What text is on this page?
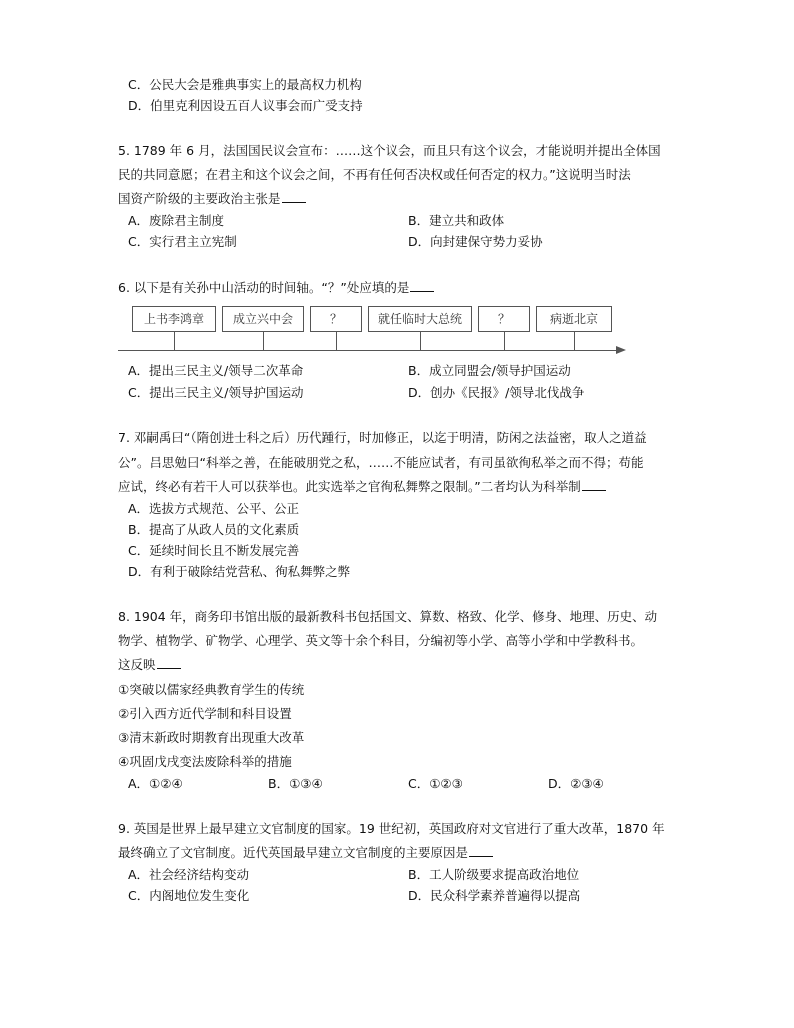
C．公民大会是雅典事实上的最高权力机构
D．伯里克利因设五百人议事会而广受支持
5. 1789 年 6 月，法国国民议会宣布：……这个议会，而且只有这个议会，才能说明并提出全体国
民的共同意愿；在君主和这个议会之间，不再有任何否决权或任何否定的权力。”这说明当时法
国资产阶级的主要政治主张是
A．废除君主制度	B．建立共和政体
C．实行君主立宪制	D．向封建保守势力妥协
6. 以下是有关孙中山活动的时间轴。“？”处应填的是
上书李鸿章	成立兴中会	？	就任临时大总统	？	病逝北京
A．提出三民主义/领导二次革命	B．成立同盟会/领导护国运动
C．提出三民主义/领导护国运动	D．创办《民报》/领导北伐战争
7. 邓嗣禹曰“（隋创进士科之后）历代踵行，时加修正，以迄于明清，防闲之法益密，取人之道益
公”。吕思勉曰“科举之善，在能破朋党之私，……不能应试者，有司虽欲徇私举之而不得；苟能
应试，终必有若干人可以获举也。此实选举之官徇私舞弊之限制。”二者均认为科举制
A．选拔方式规范、公平、公正
B．提高了从政人员的文化素质
C．延续时间长且不断发展完善
D．有利于破除结党营私、徇私舞弊之弊
8. 1904 年，商务印书馆出版的最新教科书包括国文、算数、格致、化学、修身、地理、历史、动
物学、植物学、矿物学、心理学、英文等十余个科目，分编初等小学、高等小学和中学教科书。
这反映
①突破以儒家经典教育学生的传统
②引入西方近代学制和科目设置
③清末新政时期教育出现重大改革
④巩固戊戌变法废除科举的措施
A．①②④	B．①③④	C．①②③	D．②③④
9. 英国是世界上最早建立文官制度的国家。19 世纪初，英国政府对文官进行了重大改革，1870 年
最终确立了文官制度。近代英国最早建立文官制度的主要原因是
A．社会经济结构变动	B．工人阶级要求提高政治地位
C．内阁地位发生变化	D．民众科学素养普遍得以提高
